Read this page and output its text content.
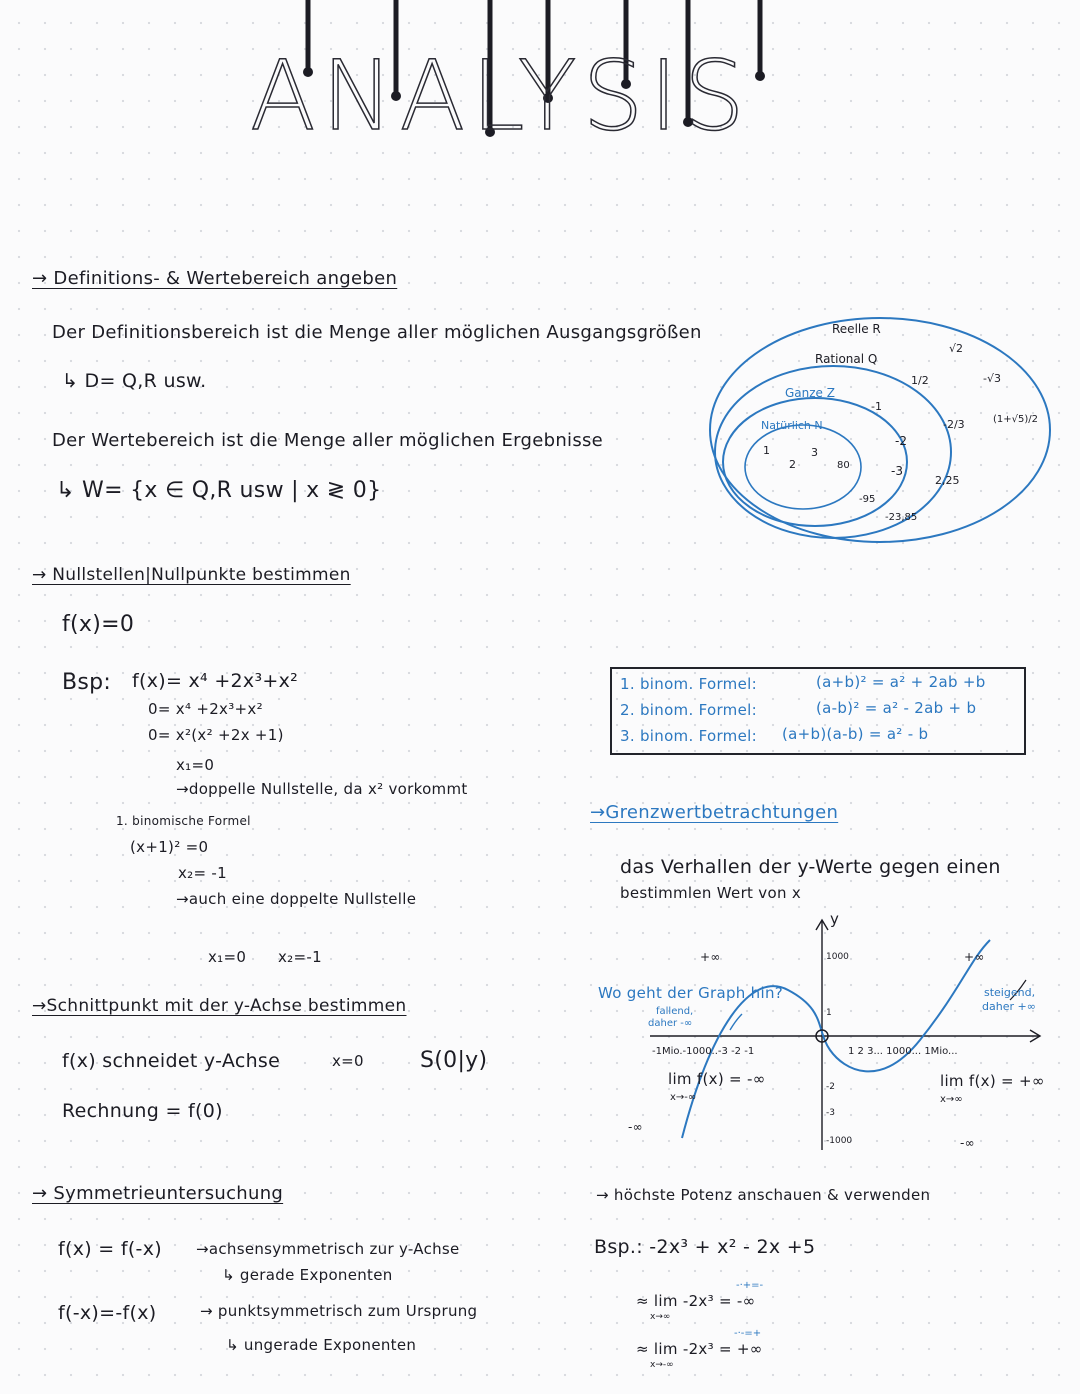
ANALYSIS
→ Definitions- & Wertebereich angeben
Der Definitionsbereich ist die Menge aller möglichen Ausgangsgrößen
↳ D= Q,R usw.
Der Wertebereich ist die Menge aller möglichen Ergebnisse
↳ W= {x ∈ Q,R usw | x ≷ 0}
Reelle R
Rational Q
Ganze Z
Natürlich N
1
2
3
80
-1
-2
-3
-95
1/2
-2/3
2,25
-23,85
√2
-√3
(1+√5)/2
→ Nullstellen|Nullpunkte bestimmen
f(x)=0
Bsp: f(x)= x⁴ +2x³+x²
0= x⁴ +2x³+x²
0= x²(x² +2x +1)
x₁=0
→doppelle Nullstelle, da x² vorkommt
1. binomische Formel
(x+1)² =0
x₂= -1
→auch eine doppelte Nullstelle
x₁=0 x₂=-1
1. binom. Formel:	(a+b)² = a² + 2ab +b
2. binom. Formel:	(a-b)² = a² - 2ab + b
3. binom. Formel: (a+b)(a-b) = a² - b
→Grenzwertbetrachtungen
das Verhallen der y-Werte gegen einen
bestimmlen Wert von x
y
Wo geht der Graph hin?
+∞	+∞
-∞
-∞
fallend,
daher -∞
steigend,
daher +∞
-1Mio.-1000..-3 -2 -1	1 2 3... 1000... 1Mio...
1000
1
-2
-3
-1000
lim f(x) = -∞
x→-∞
lim f(x) = +∞
x→∞
→Schnittpunkt mit der y-Achse bestimmen
f(x) schneidet y-Achse	x=0	S(0|y)
Rechnung = f(0)
→ Symmetrieuntersuchung
f(x) = f(-x) →achsensymmetrisch zur y-Achse
↳ gerade Exponenten
f(-x)=-f(x)	→ punktsymmetrisch zum Ursprung
↳ ungerade Exponenten
→ höchste Potenz anschauen & verwenden
Bsp.: -2x³ + x² - 2x +5
-·+=-
≈ lim -2x³ = -∞
x→∞
-·-=+
≈ lim -2x³ = +∞
x→-∞
